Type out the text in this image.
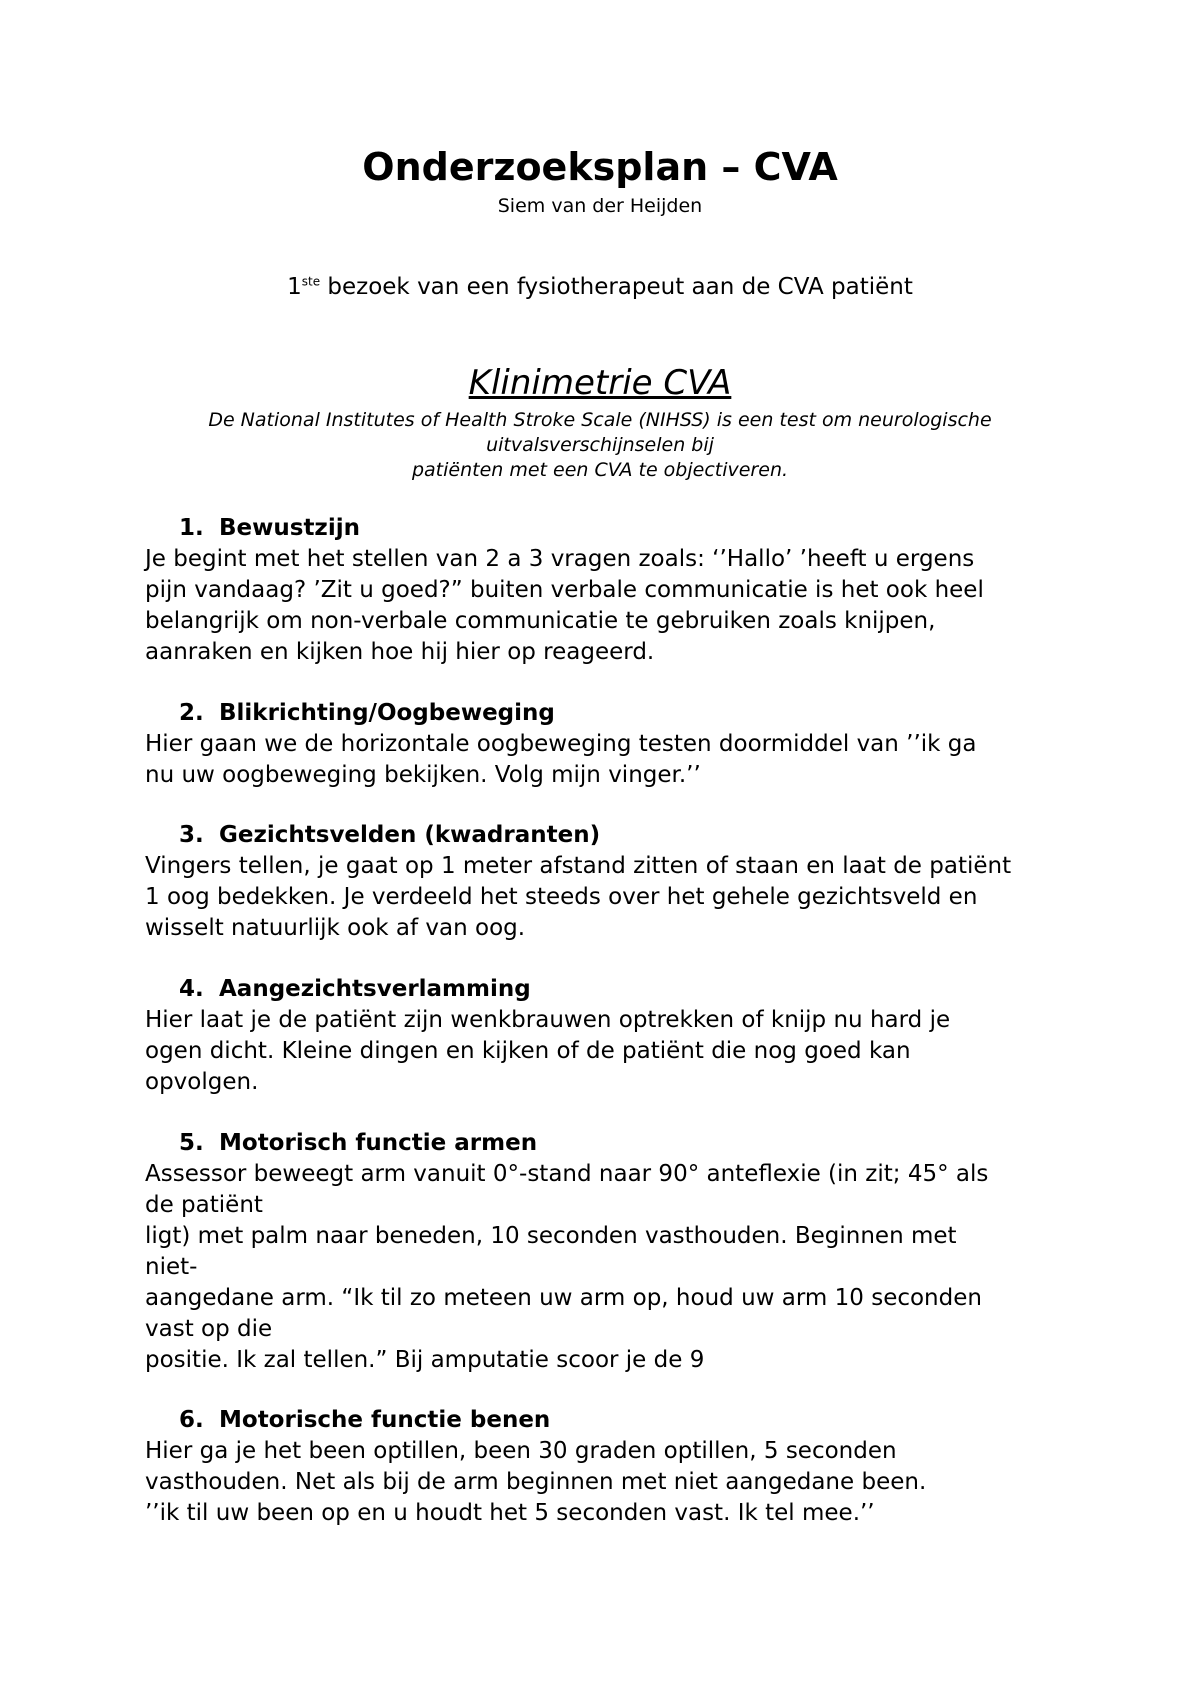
Onderzoeksplan – CVA
Siem van der Heijden
1ste bezoek van een fysiotherapeut aan de CVA patiënt
Klinimetrie CVA
De National Institutes of Health Stroke Scale (NIHSS) is een test om neurologische uitvalsverschijnselen bij
patiënten met een CVA te objectiveren.
1. Bewustzijn
Je begint met het stellen van 2 a 3 vragen zoals: ‘’Hallo’ ’heeft u ergens
pijn vandaag? ’Zit u goed?” buiten verbale communicatie is het ook heel
belangrijk om non-verbale communicatie te gebruiken zoals knijpen,
aanraken en kijken hoe hij hier op reageerd.
2. Blikrichting/Oogbeweging
Hier gaan we de horizontale oogbeweging testen doormiddel van ’’ik ga
nu uw oogbeweging bekijken. Volg mijn vinger.’’
3. Gezichtsvelden (kwadranten)
Vingers tellen, je gaat op 1 meter afstand zitten of staan en laat de patiënt
1 oog bedekken. Je verdeeld het steeds over het gehele gezichtsveld en
wisselt natuurlijk ook af van oog.
4. Aangezichtsverlamming
Hier laat je de patiënt zijn wenkbrauwen optrekken of knijp nu hard je
ogen dicht. Kleine dingen en kijken of de patiënt die nog goed kan
opvolgen.
5. Motorisch functie armen
Assessor beweegt arm vanuit 0°-stand naar 90° anteflexie (in zit; 45° als
de patiënt
ligt) met palm naar beneden, 10 seconden vasthouden. Beginnen met
niet-
aangedane arm. “Ik til zo meteen uw arm op, houd uw arm 10 seconden
vast op die
positie. Ik zal tellen.” Bij amputatie scoor je de 9
6. Motorische functie benen
Hier ga je het been optillen, been 30 graden optillen, 5 seconden
vasthouden. Net als bij de arm beginnen met niet aangedane been.
’’ik til uw been op en u houdt het 5 seconden vast. Ik tel mee.’’
